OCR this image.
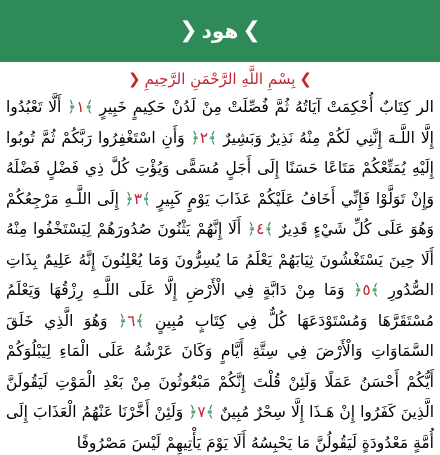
❯ هود ❮
❯ بِسْمِ اللَّهِ الرَّحْمَنِ الرَّحِيمِ ❮
الر كِتَابٌ أُحْكِمَتْ آيَاتُهُ ثُمَّ فُصِّلَتْ مِنْ لَدُنْ حَكِيمٍ خَبِيرٍ ﴾١﴿ أَلَّا تَعْبُدُوا إِلَّا اللَّـهَ إِنَّنِي لَكُمْ مِنْهُ نَذِيرٌ وَبَشِيرٌ ﴾٢﴿ وَأَنِ اسْتَغْفِرُوا رَبَّكُمْ ثُمَّ تُوبُوا إِلَيْهِ يُمَتِّعْكُمْ مَتَاعًا حَسَنًا إِلَى أَجَلٍ مُسَمًّى وَيُؤْتِ كُلَّ ذِي فَضْلٍ فَضْلَهُ وَإِنْ تَوَلَّوْا فَإِنِّي أَخَافُ عَلَيْكُمْ عَذَابَ يَوْمٍ كَبِيرٍ ﴾٣﴿ إِلَى اللَّـهِ مَرْجِعُكُمْ وَهُوَ عَلَى كُلِّ شَيْءٍ قَدِيرٌ ﴾٤﴿ أَلَا إِنَّهُمْ يَثْنُونَ صُدُورَهُمْ لِيَسْتَخْفُوا مِنْهُ أَلَا حِينَ يَسْتَغْشُونَ ثِيَابَهُمْ يَعْلَمُ مَا يُسِرُّونَ وَمَا يُعْلِنُونَ إِنَّهُ عَلِيمٌ بِذَاتِ الصُّدُورِ ﴾٥﴿ وَمَا مِنْ دَابَّةٍ فِي الْأَرْضِ إِلَّا عَلَى اللَّـهِ رِزْقُهَا وَيَعْلَمُ مُسْتَقَرَّهَا وَمُسْتَوْدَعَهَا كُلٌّ فِي كِتَابٍ مُبِينٍ ﴾٦﴿ وَهُوَ الَّذِي خَلَقَ السَّمَاوَاتِ وَالْأَرْضَ فِي سِتَّةِ أَيَّامٍ وَكَانَ عَرْشُهُ عَلَى الْمَاءِ لِيَبْلُوَكُمْ أَيُّكُمْ أَحْسَنُ عَمَلًا وَلَئِنْ قُلْتَ إِنَّكُمْ مَبْعُوثُونَ مِنْ بَعْدِ الْمَوْتِ لَيَقُولَنَّ الَّذِينَ كَفَرُوا إِنْ هَـذَا إِلَّا سِحْرٌ مُبِينٌ ﴾٧﴿ وَلَئِنْ أَخَّرْنَا عَنْهُمُ الْعَذَابَ إِلَى أُمَّةٍ مَعْدُودَةٍ لَيَقُولُنَّ مَا يَحْبِسُهُ أَلَا يَوْمَ يَأْتِيهِمْ لَيْسَ مَصْرُوفًا
